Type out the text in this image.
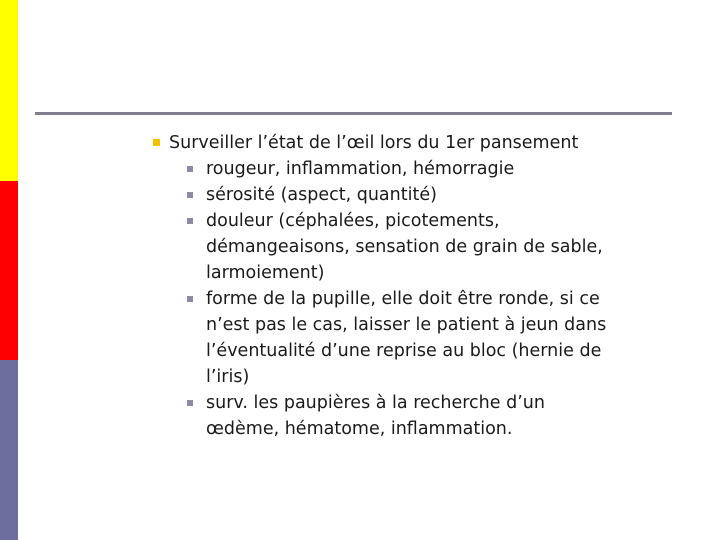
Surveiller l’état de l’œil lors du 1er pansement
rougeur, inflammation, hémorragie
sérosité (aspect, quantité)
douleur (céphalées, picotements,
démangeaisons, sensation de grain de sable,
larmoiement)
forme de la pupille, elle doit être ronde, si ce
n’est pas le cas, laisser le patient à jeun dans
l’éventualité d’une reprise au bloc (hernie de
l’iris)
surv. les paupières à la recherche d’un
œdème, hématome, inflammation.
